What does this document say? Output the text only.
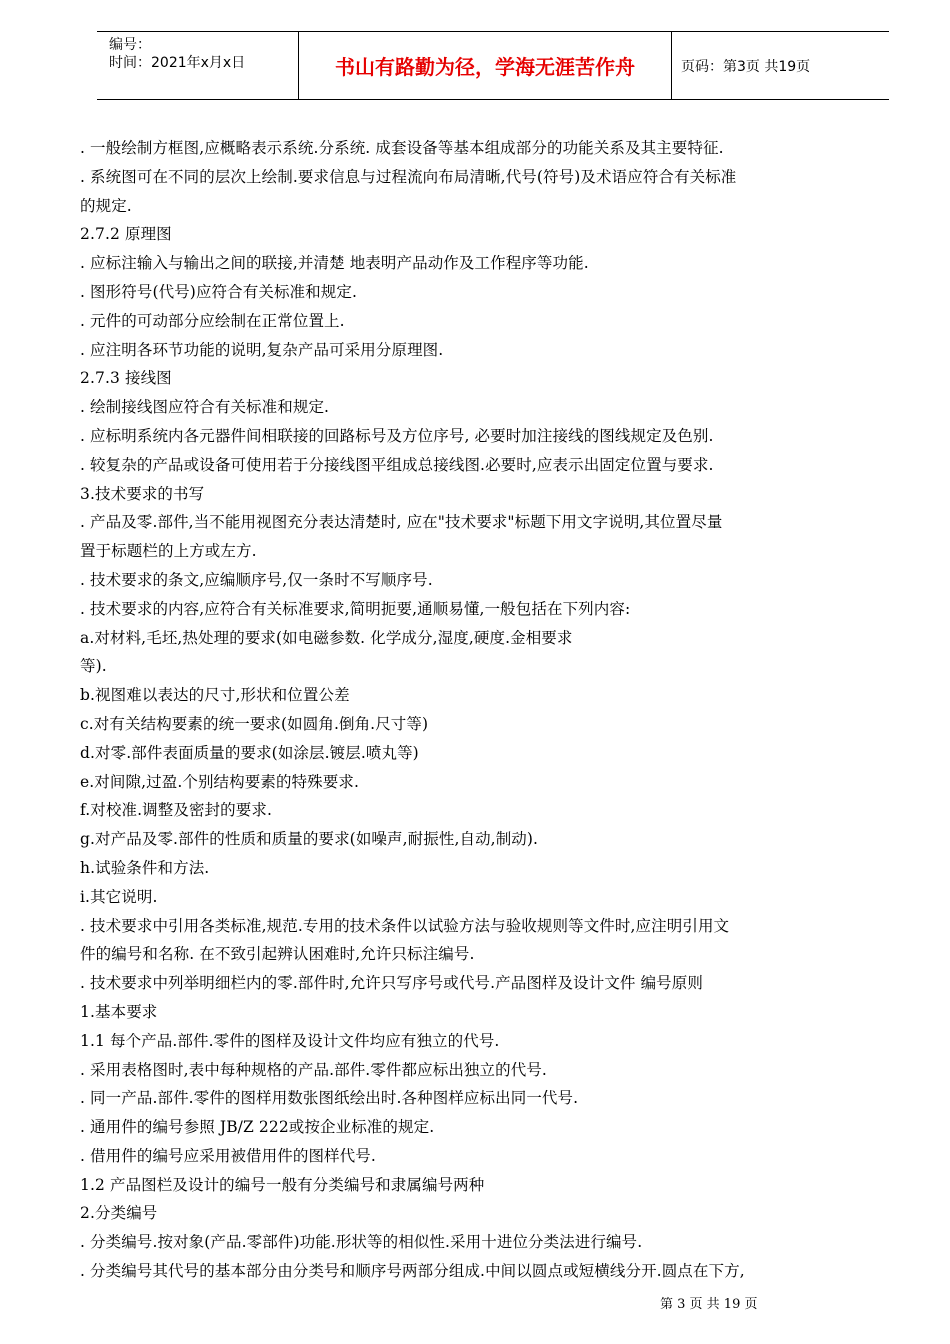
编号：
时间：2021年x月x日	书山有路勤为径，学海无涯苦作舟	页码：第3页 共19页
. 一般绘制方框图,应概略表示系统.分系统. 成套设备等基本组成部分的功能关系及其主要特征.
. 系统图可在不同的层次上绘制.要求信息与过程流向布局清晰,代号(符号)及术语应符合有关标准
的规定.
2.7.2 原理图
. 应标注输入与输出之间的联接,并清楚 地表明产品动作及工作程序等功能.
. 图形符号(代号)应符合有关标准和规定.
. 元件的可动部分应绘制在正常位置上.
. 应注明各环节功能的说明,复杂产品可采用分原理图.
2.7.3 接线图
. 绘制接线图应符合有关标准和规定.
. 应标明系统内各元器件间相联接的回路标号及方位序号, 必要时加注接线的图线规定及色别.
. 较复杂的产品或设备可使用若于分接线图平组成总接线图.必要时,应表示出固定位置与要求.
3.技术要求的书写
. 产品及零.部件,当不能用视图充分表达清楚时, 应在"技术要求"标题下用文字说明,其位置尽量
置于标题栏的上方或左方.
. 技术要求的条文,应编顺序号,仅一条时不写顺序号.
. 技术要求的内容,应符合有关标准要求,简明扼要,通顺易懂,一般包括在下列内容:
a.对材料,毛坯,热处理的要求(如电磁参数. 化学成分,湿度,硬度.金相要求
等).
b.视图难以表达的尺寸,形状和位置公差
c.对有关结构要素的统一要求(如圆角.倒角.尺寸等)
d.对零.部件表面质量的要求(如涂层.镀层.喷丸等)
e.对间隙,过盈.个别结构要素的特殊要求.
f.对校准.调整及密封的要求.
g.对产品及零.部件的性质和质量的要求(如噪声,耐振性,自动,制动).
h.试验条件和方法.
i.其它说明.
. 技术要求中引用各类标准,规范.专用的技术条件以试验方法与验收规则等文件时,应注明引用文
件的编号和名称. 在不致引起辨认困难时,允许只标注编号.
. 技术要求中列举明细栏内的零.部件时,允许只写序号或代号.产品图样及设计文件 编号原则
1.基本要求
1.1 每个产品.部件.零件的图样及设计文件均应有独立的代号.
. 采用表格图时,表中每种规格的产品.部件.零件都应标出独立的代号.
. 同一产品.部件.零件的图样用数张图纸绘出时.各种图样应标出同一代号.
. 通用件的编号参照 JB/Z 222或按企业标准的规定.
. 借用件的编号应采用被借用件的图样代号.
1.2 产品图栏及设计的编号一般有分类编号和隶属编号两种
2.分类编号
. 分类编号.按对象(产品.零部件)功能.形状等的相似性.采用十进位分类法进行编号.
. 分类编号其代号的基本部分由分类号和顺序号两部分组成.中间以圆点或短横线分开.圆点在下方,
第 3 页 共 19 页
